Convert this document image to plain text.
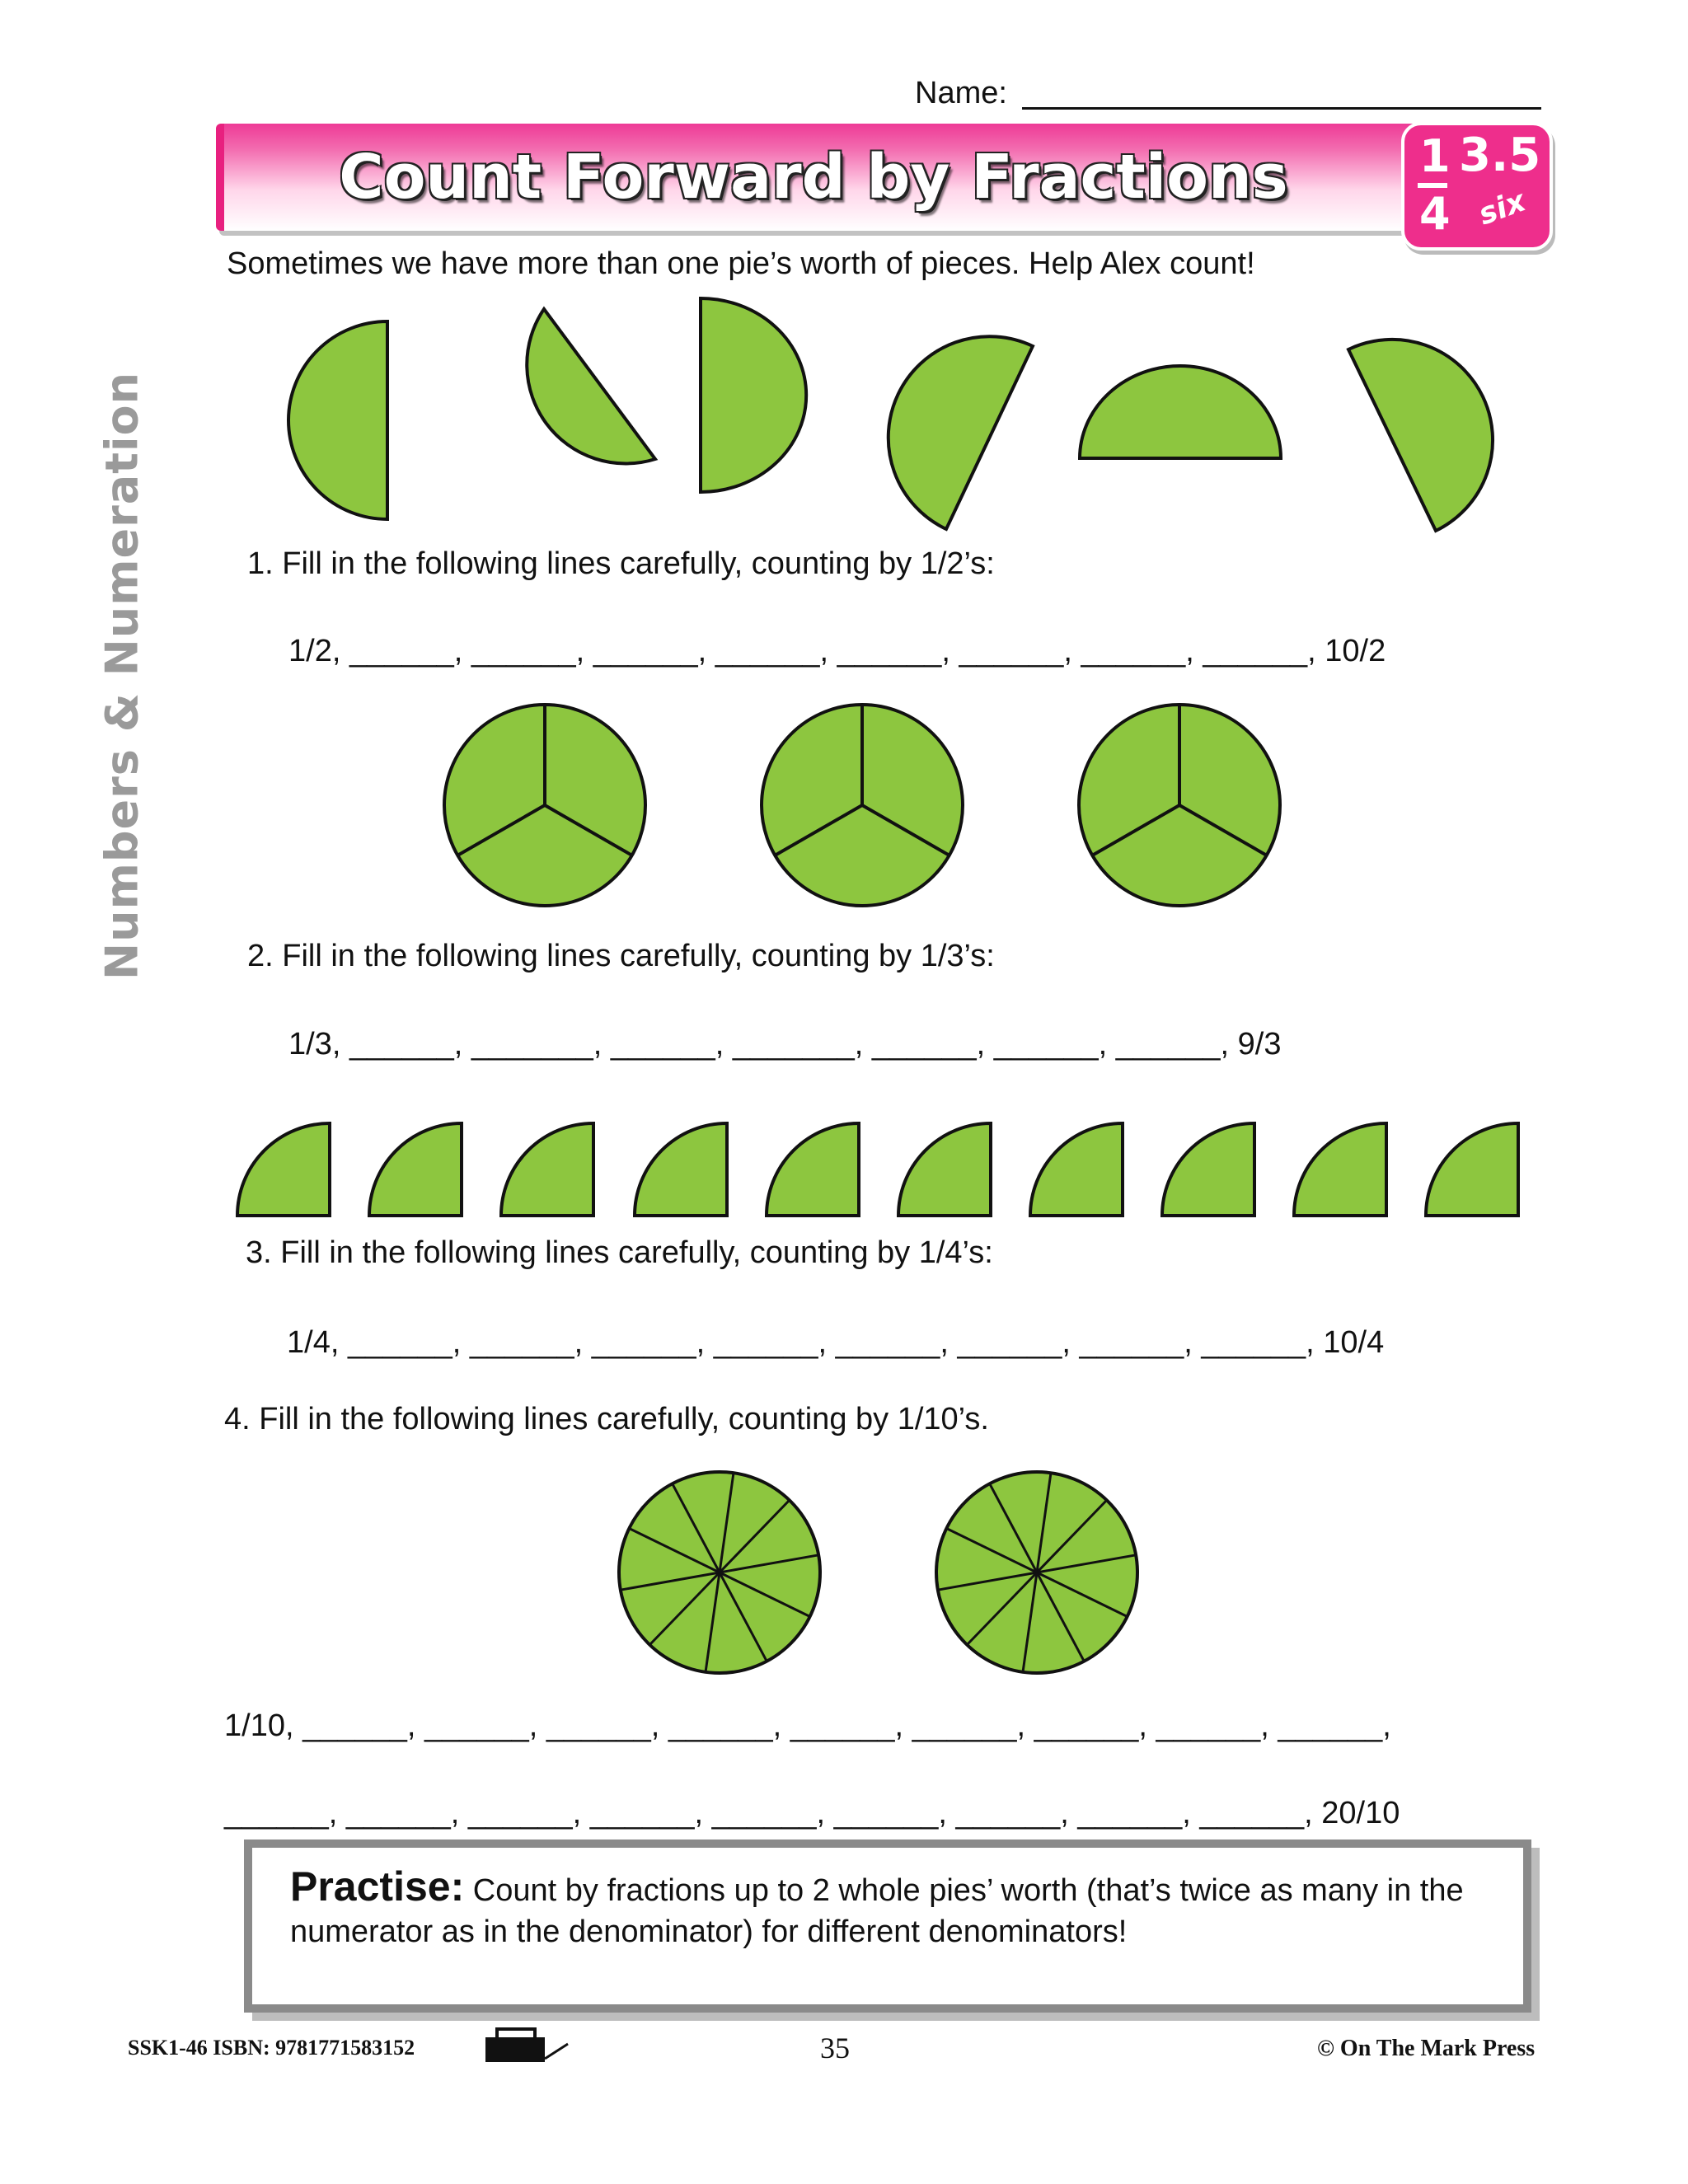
Numbers & Numeration
Name:
Count Forward by Fractions	1
4
3.5
six
Sometimes we have more than one pie’s worth of pieces. Help Alex count!
1. Fill in the following lines carefully, counting by 1/2’s:
1/2, ______, ______, ______, ______, ______, ______, ______, ______, 10/2
2. Fill in the following lines carefully, counting by 1/3’s:
1/3, ______, _______, ______, _______, ______, ______, ______, 9/3
3. Fill in the following lines carefully, counting by 1/4’s:
1/4, ______, ______, ______, ______, ______, ______, ______, ______, 10/4
4. Fill in the following lines carefully, counting by 1/10’s.
1/10, ______, ______, ______, ______, ______, ______, ______, ______, ______,
______, ______, ______, ______, ______, ______, ______, ______, ______, 20/10
Practise: Count by fractions up to 2 whole pies’ worth (that’s twice as many in the numerator as in the denominator) for different denominators!
SSK1-46 ISBN: 9781771583152	35	© On The Mark Press
